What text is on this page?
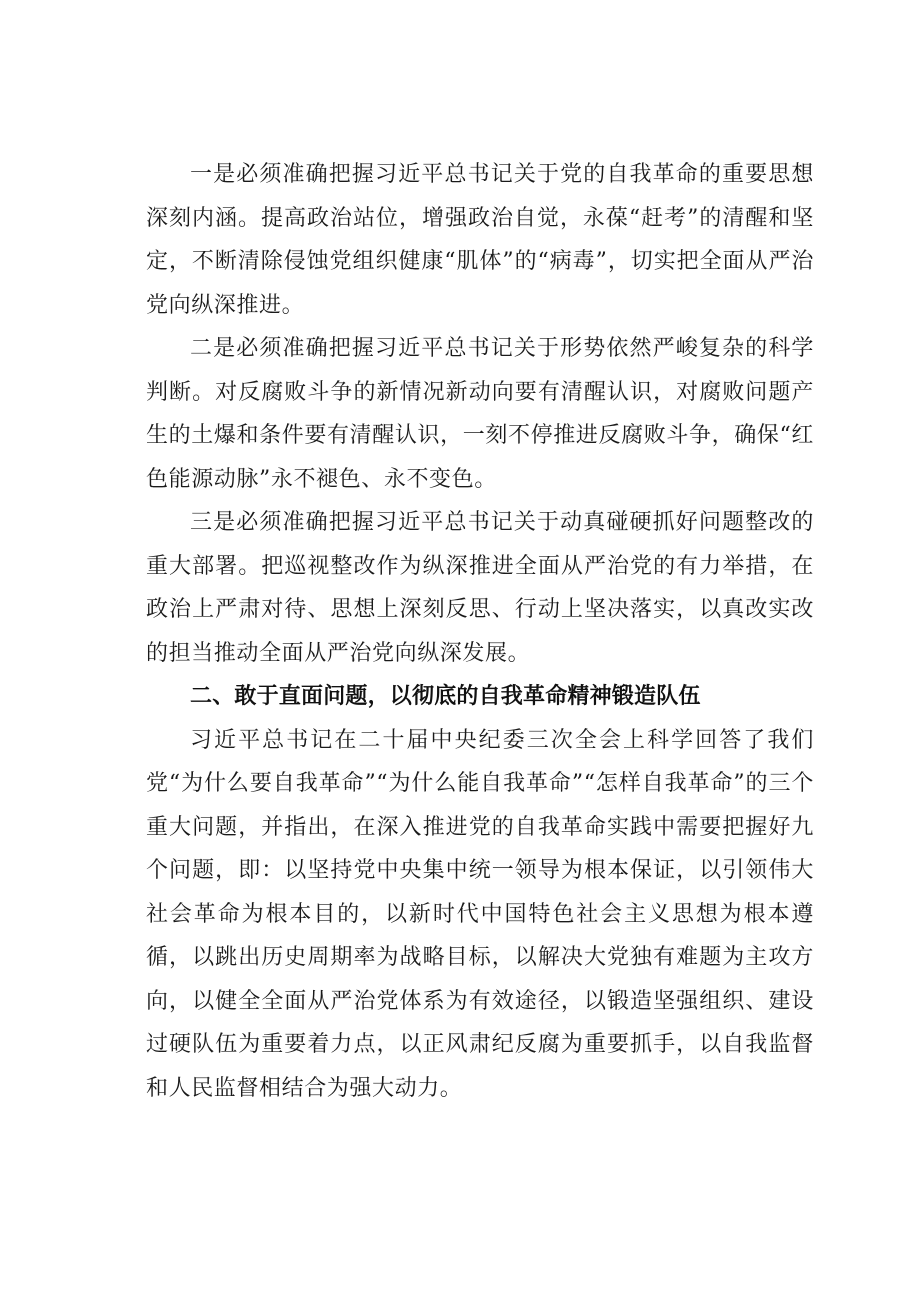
一是必须准确把握习近平总书记关于党的自我革命的重要思想深刻内涵。提高政治站位，增强政治自觉，永葆“赶考”的清醒和坚定，不断清除侵蚀党组织健康“肌体”的“病毒”，切实把全面从严治党向纵深推进。

二是必须准确把握习近平总书记关于形势依然严峻复杂的科学判断。对反腐败斗争的新情况新动向要有清醒认识，对腐败问题产生的土爆和条件要有清醒认识，一刻不停推进反腐败斗争，确保“红色能源动脉”永不褪色、永不变色。

三是必须准确把握习近平总书记关于动真碰硬抓好问题整改的重大部署。把巡视整改作为纵深推进全面从严治党的有力举措，在政治上严肃对待、思想上深刻反思、行动上坚决落实，以真改实改的担当推动全面从严治党向纵深发展。

二、敢于直面问题，以彻底的自我革命精神锻造队伍

习近平总书记在二十届中央纪委三次全会上科学回答了我们党“为什么要自我革命”“为什么能自我革命”“怎样自我革命”的三个重大问题，并指出，在深入推进党的自我革命实践中需要把握好九个问题，即：以坚持党中央集中统一领导为根本保证，以引领伟大社会革命为根本目的，以新时代中国特色社会主义思想为根本遵循，以跳出历史周期率为战略目标，以解决大党独有难题为主攻方向，以健全全面从严治党体系为有效途径，以锻造坚强组织、建设过硬队伍为重要着力点，以正风肃纪反腐为重要抓手，以自我监督和人民监督相结合为强大动力。
